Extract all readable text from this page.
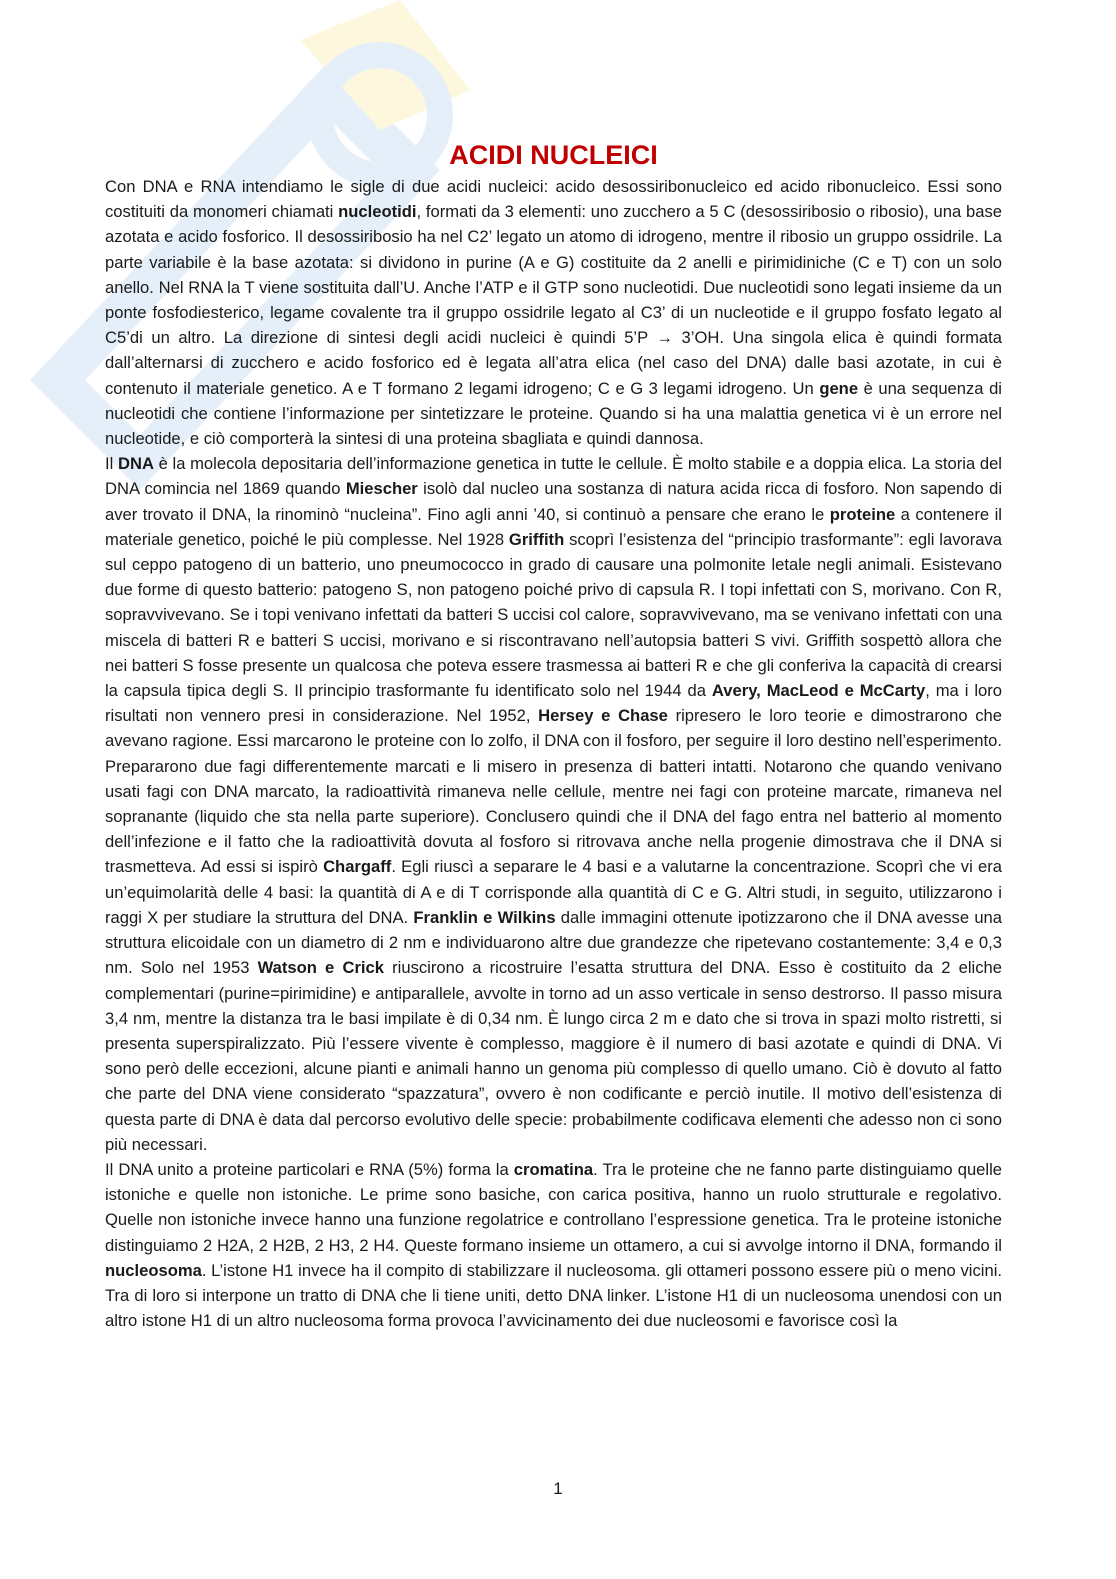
ACIDI NUCLEICI

Con DNA e RNA intendiamo le sigle di due acidi nucleici: acido desossiribonucleico ed acido ribonucleico. Essi sono costituiti da monomeri chiamati nucleotidi, formati da 3 elementi: uno zucchero a 5 C (desossiribosio o ribosio), una base azotata e acido fosforico. Il desossiribosio ha nel C2’ legato un atomo di idrogeno, mentre il ribosio un gruppo ossidrile. La parte variabile è la base azotata: si dividono in purine (A e G) costituite da 2 anelli e pirimidiniche (C e T) con un solo anello. Nel RNA la T viene sostituita dall’U. Anche l’ATP e il GTP sono nucleotidi. Due nucleotidi sono legati insieme da un ponte fosfodiesterico, legame covalente tra il gruppo ossidrile legato al C3’ di un nucleotide e il gruppo fosfato legato al C5’di un altro. La direzione di sintesi degli acidi nucleici è quindi 5’P → 3’OH. Una singola elica è quindi formata dall’alternarsi di zucchero e acido fosforico ed è legata all’atra elica (nel caso del DNA) dalle basi azotate, in cui è contenuto il materiale genetico. A e T formano 2 legami idrogeno; C e G 3 legami idrogeno. Un gene è una sequenza di nucleotidi che contiene l’informazione per sintetizzare le proteine. Quando si ha una malattia genetica vi è un errore nel nucleotide, e ciò comporterà la sintesi di una proteina sbagliata e quindi dannosa.

Il DNA è la molecola depositaria dell’informazione genetica in tutte le cellule. È molto stabile e a doppia elica. La storia del DNA comincia nel 1869 quando Miescher isolò dal nucleo una sostanza di natura acida ricca di fosforo. Non sapendo di aver trovato il DNA, la rinominò “nucleina”. Fino agli anni ’40, si continuò a pensare che erano le proteine a contenere il materiale genetico, poiché le più complesse. Nel 1928 Griffith scoprì l’esistenza del “principio trasformante”: egli lavorava sul ceppo patogeno di un batterio, uno pneumococco in grado di causare una polmonite letale negli animali. Esistevano due forme di questo batterio: patogeno S, non patogeno poiché privo di capsula R. I topi infettati con S, morivano. Con R, sopravvivevano. Se i topi venivano infettati da batteri S uccisi col calore, sopravvivevano, ma se venivano infettati con una miscela di batteri R e batteri S uccisi, morivano e si riscontravano nell’autopsia batteri S vivi. Griffith sospettò allora che nei batteri S fosse presente un qualcosa che poteva essere trasmessa ai batteri R e che gli conferiva la capacità di crearsi la capsula tipica degli S. Il principio trasformante fu identificato solo nel 1944 da Avery, MacLeod e McCarty, ma i loro risultati non vennero presi in considerazione. Nel 1952, Hersey e Chase ripresero le loro teorie e dimostrarono che avevano ragione. Essi marcarono le proteine con lo zolfo, il DNA con il fosforo, per seguire il loro destino nell’esperimento. Prepararono due fagi differentemente marcati e li misero in presenza di batteri intatti. Notarono che quando venivano usati fagi con DNA marcato, la radioattività rimaneva nelle cellule, mentre nei fagi con proteine marcate, rimaneva nel sopranante (liquido che sta nella parte superiore). Conclusero quindi che il DNA del fago entra nel batterio al momento dell’infezione e il fatto che la radioattività dovuta al fosforo si ritrovava anche nella progenie dimostrava che il DNA si trasmetteva. Ad essi si ispirò Chargaff. Egli riuscì a separare le 4 basi e a valutarne la concentrazione. Scoprì che vi era un’equimolarità delle 4 basi: la quantità di A e di T corrisponde alla quantità di C e G. Altri studi, in seguito, utilizzarono i raggi X per studiare la struttura del DNA. Franklin e Wilkins dalle immagini ottenute ipotizzarono che il DNA avesse una struttura elicoidale con un diametro di 2 nm e individuarono altre due grandezze che ripetevano costantemente: 3,4 e 0,3 nm. Solo nel 1953 Watson e Crick riuscirono a ricostruire l’esatta struttura del DNA. Esso è costituito da 2 eliche complementari (purine=pirimidine) e antiparallele, avvolte in torno ad un asso verticale in senso destrorso. Il passo misura 3,4 nm, mentre la distanza tra le basi impilate è di 0,34 nm. È lungo circa 2 m e dato che si trova in spazi molto ristretti, si presenta superspiralizzato. Più l’essere vivente è complesso, maggiore è il numero di basi azotate e quindi di DNA. Vi sono però delle eccezioni, alcune pianti e animali hanno un genoma più complesso di quello umano. Ciò è dovuto al fatto che parte del DNA viene considerato “spazzatura”, ovvero è non codificante e perciò inutile. Il motivo dell’esistenza di questa parte di DNA è data dal percorso evolutivo delle specie: probabilmente codificava elementi che adesso non ci sono più necessari.

Il DNA unito a proteine particolari e RNA (5%) forma la cromatina. Tra le proteine che ne fanno parte distinguiamo quelle istoniche e quelle non istoniche. Le prime sono basiche, con carica positiva, hanno un ruolo strutturale e regolativo. Quelle non istoniche invece hanno una funzione regolatrice e controllano l’espressione genetica. Tra le proteine istoniche distinguiamo 2 H2A, 2 H2B, 2 H3, 2 H4. Queste formano insieme un ottamero, a cui si avvolge intorno il DNA, formando il nucleosoma. L’istone H1 invece ha il compito di stabilizzare il nucleosoma. gli ottameri possono essere più o meno vicini. Tra di loro si interpone un tratto di DNA che li tiene uniti, detto DNA linker. L’istone H1 di un nucleosoma unendosi con un altro istone H1 di un altro nucleosoma forma provoca l’avvicinamento dei due nucleosomi e favorisce così la

1
